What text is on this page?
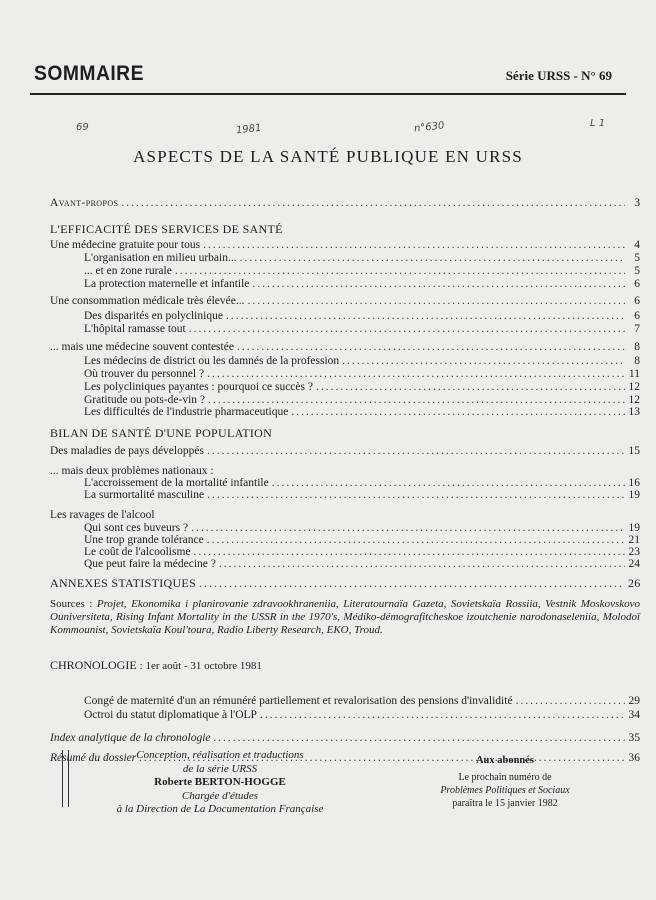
SOMMAIRE	Série URSS - N° 69
69	1981	n°630	L 1
ASPECTS DE LA SANTÉ PUBLIQUE EN URSS
Avant-propos .....	3
L'EFFICACITÉ DES SERVICES DE SANTÉ
Une médecine gratuite pour tous .....	4
L'organisation en milieu urbain... .....	5
... et en zone rurale .....	5
La protection maternelle et infantile .....	6
Une consommation médicale très élevée... .....	6
Des disparités en polyclinique .....	6
L'hôpital ramasse tout .....	7
... mais une médecine souvent contestée .....	8
Les médecins de district ou les damnés de la profession .....	8
Où trouver du personnel ? .....	11
Les polycliniques payantes : pourquoi ce succès ? .....	12
Gratitude ou pots-de-vin ? .....	12
Les difficultés de l'industrie pharmaceutique .....	13
BILAN DE SANTÉ D'UNE POPULATION
Des maladies de pays développés .....	15
... mais deux problèmes nationaux :
L'accroissement de la mortalité infantile .....	16
La surmortalité masculine .....	19
Les ravages de l'alcool
Qui sont ces buveurs ? .....	19
Une trop grande tolérance .....	21
Le coût de l'alcoolisme .....	23
Que peut faire la médecine ? .....	24
ANNEXES STATISTIQUES .....	26
Sources : Projet, Ekonomika i planirovanie zdravookhraneniia, Literatournaïa Gazeta, Sovietskaïa Rossiia, Vestnik Moskovskovo Ouniversiteta, Rising Infant Mortality in the USSR in the 1970's, Médiko-démografitcheskoe izoutchenie narodonaseleniia, Molodoï Kommounist, Sovietskaïa Koul'toura, Radio Liberty Research, EKO, Troud.
CHRONOLOGIE : 1er août - 31 octobre 1981
Congé de maternité d'un an rémunéré partiellement et revalorisation des pensions d'invalidité .....	29
Octroi du statut diplomatique à l'OLP .....	34
Index analytique de la chronologie .....	35
Résumé du dossier .....	36
Conception, réalisation et traductions
de la série URSS
Roberte BERTON-HOGGE
Chargée d'études
à la Direction de La Documentation Française
Aux abonnés
Le prochain numéro de
Problèmes Politiques et Sociaux
paraîtra le 15 janvier 1982
